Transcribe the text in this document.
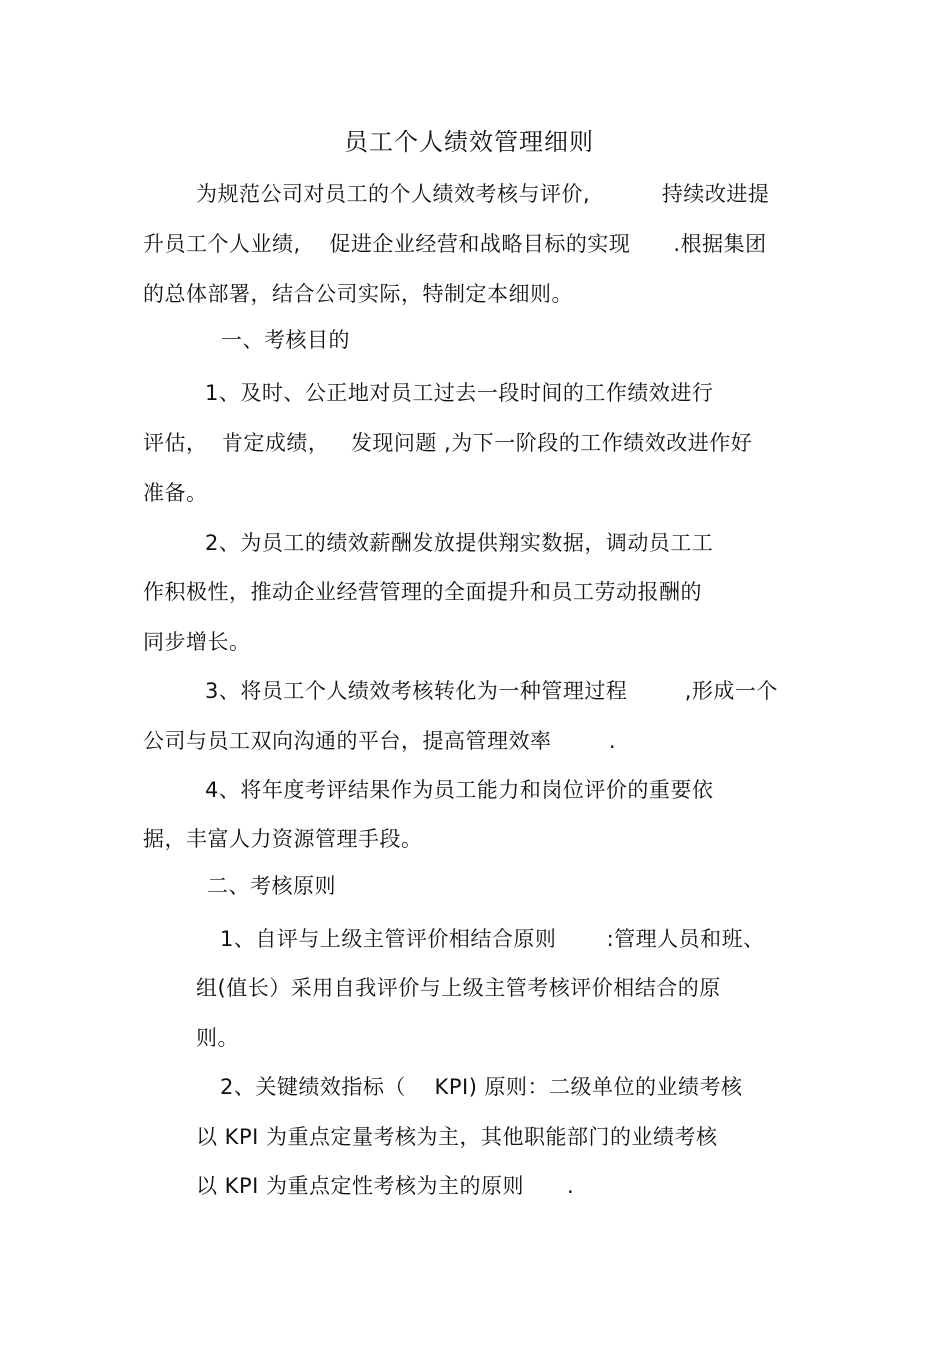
员工个人绩效管理细则
为规范公司对员工的个人绩效考核与评价,          持续改进提
升员工个人业绩,    促进企业经营和战略目标的实现      .根据集团
的总体部署，结合公司实际，特制定本细则。
一、考核目的
1、及时、公正地对员工过去一段时间的工作绩效进行
评估，  肯定成绩，   发现问题 ,为下一阶段的工作绩效改进作好
准备。
2、为员工的绩效薪酬发放提供翔实数据，调动员工工
作积极性，推动企业经营管理的全面提升和员工劳动报酬的
同步增长。
3、将员工个人绩效考核转化为一种管理过程        ,形成一个
公司与员工双向沟通的平台，提高管理效率        .
4、将年度考评结果作为员工能力和岗位评价的重要依
据，丰富人力资源管理手段。
二、考核原则
1、自评与上级主管评价相结合原则       :管理人员和班、
组(值长）采用自我评价与上级主管考核评价相结合的原
则。
2、关键绩效指标（    KPI) 原则：二级单位的业绩考核
以 KPI 为重点定量考核为主，其他职能部门的业绩考核
以 KPI 为重点定性考核为主的原则      .
